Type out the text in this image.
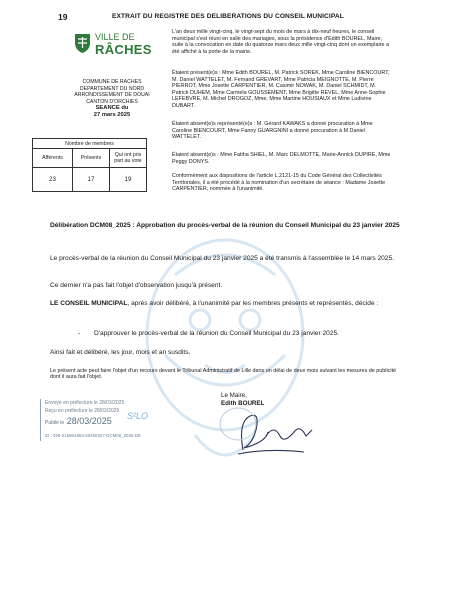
19	EXTRAIT DU REGISTRE DES DELIBERATIONS DU CONSEIL MUNICIPAL
VILLE DE
RÂCHES
COMMUNE DE RACHES
DEPARTEMENT DU NORD
ARRONDISSEMENT DE DOUAI
CANTON D'ORCHIES
SEANCE du
27 mars 2025
Nombre de membres		
Afférents	Présents	Qui ont pris part au vote
23	17	19
L'an deux mille vingt-cinq, le vingt-sept du mois de mars à dix-neuf heures, le conseil municipal s'est réuni en salle des mariages, sous la présidence d'Edith BOUREL, Maire, suite à la convocation en date du quatorze mars deux mille vingt-cinq dont un exemplaire a été affiché à la porte de la mairie.
Étaient présent(e)s : Mme Edith BOUREL, M. Patrick SOREK, Mme Caroline BIENCOURT, M. Daniel WATTELET, M. Fernand GREVART, Mme Patricia MEIGNOTTE, M. Pierre PIERROT, Mme Josette CARPENTIER, M. Casimir NOWAK, M. Daniel SCHMIDT, M. Patrick DUHEM, Mme Carmela GOUSSEMENT, Mme Brigitte REVEL, Mme Anne-Sophie LEFEBVRE, M. Michel DROGOZ, Mme, Mme Martine HOUSIAUX et Mme Ludivine DUBART.
Étaient absent(e)s représenté(e)s : M. Gérard KAWAKS a donné procuration à Mme Caroline BIENCOURT, Mme Fanny GUARGNINI a donné procuration à M Daniel WATTELET.
Étaient absent(e)s : Mme Fatiha SHIEL, M. Marc DELMOTTE, Marie-Annick DUPIRE, Mme Peggy DONYS.
Conformément aux dispositions de l'article L.2121-15 du Code Général des Collectivités Territoriales, il a été procédé à la nomination d'un secrétaire de séance : Madame Josette CARPENTIER, nommée à l'unanimité.
Délibération DCM08_2025 : Approbation du procès-verbal de la réunion du Conseil Municipal du 23 janvier 2025
Le procès-verbal de la réunion du Conseil Municipal du 23 janvier 2025 a été transmis à l'assemblée le 14 mars 2025.
Ce dernier n'a pas fait l'objet d'observation jusqu'à présent.
LE CONSEIL MUNICIPAL, après avoir délibéré, à l'unanimité par les membres présents et représentés, décide :
- D'approuver le procès-verbal de la réunion du Conseil Municipal du 23 janvier 2025.
Ainsi fait et délibéré, les jour, mois et an susdits.
Le présent acte peut faire l'objet d'un recours devant le Tribunal Administratif de Lille dans un délai de deux mois suivant les mesures de publicité dont il aura fait l'objet.
Le Maire,
Edith BOUREL
Envoyé en préfecture le 28/03/2025
Reçu en préfecture le 28/03/2025
Publié le 28/03/2025 S²LO
ID : 059-215904863-20250327-DCM08_2025-DE
